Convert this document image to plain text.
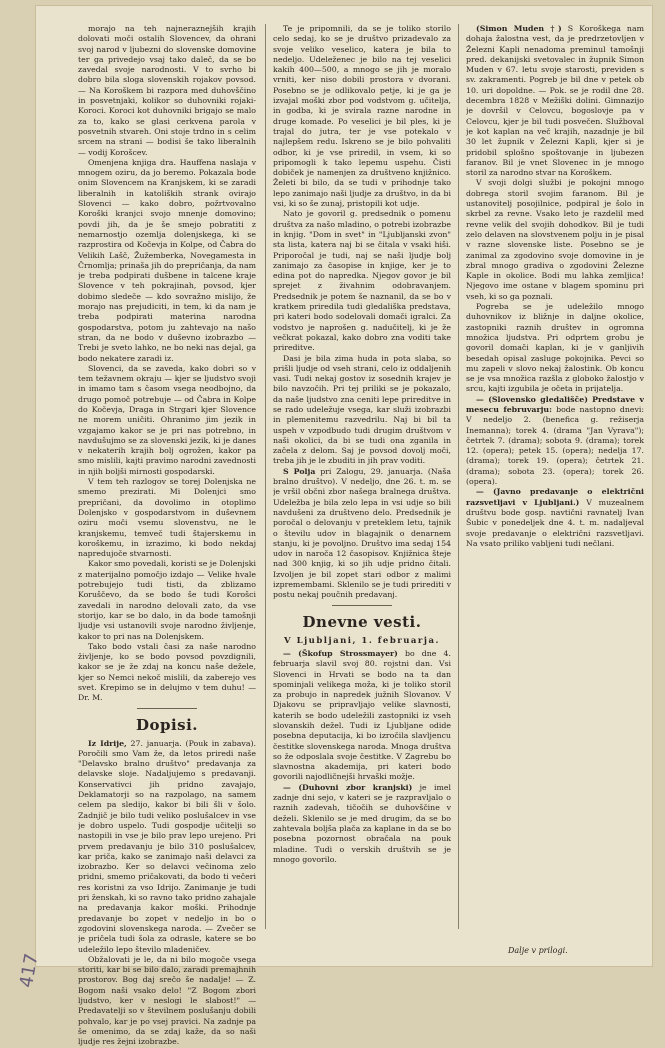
morajo na teh najneraznejših krajih dolovati moči ostalih Slovencev, da ohrani svoj narod v ljubezni do slovenske domovine ter ga privedejo vsaj tako daleč, da se bo zavedal svoje narodnosti. V to svrho bi dobro bila sloga slovenskih rojakov povsod. — Na Koroškem bi razpora med duhovščino in posvetnjaki, kolikor so duhovniki rojaki-Koroci. Koroci kot duhovniki brigajo se malo za to, kako se glasi cerkvena parola v posvetnih stvareh. Oni stoje trdno in s celim srcem na strani — bodisi še tako liberalnih — vodij Korošcev.

Omenjena knjiga dra. Hauffena naslaja v mnogem oziru, da jo beremo. Pokazala bode onim Slovencem na Kranjskem, ki se zaradi liberalnih in katoliških strank ovirajo Slovenci — kako dobro, požrtvovalno Koroški kranjci svojo mnenje domovino; povdi jih, da je še smejo pobratiti z nemarnostjo ozemlja dolenjskega, ki se razprostira od Kočevja in Kolpe, od Čabra do Velikih Lašč, Žužemberka, Novegamesta in Črnomlja; prinaša jih do prepričanja, da nam je treba podpirati dušbene in talcene kraje Slovence v teh pokrajinah, povsod, kjer dobimo sledeče — kdo sovražno mislijo, že morajo nas prejudiciti, in tem, ki da nam je treba podpirati materina narodna gospodarstva, potom ju zahtevajo na našo stran, da ne bodo v duševno izobrazbo — Trebi je sveto lahko, ne bo neki nas dejal, ga bodo nekatere zaradi iz.

Slovenci, da se zaveda, kako dobri so v tem težavnem okraju — kjer se ljudstvo svoji in imamo tam s časom vsega neodbojno, da drugo pomoč potrebuje — od Čabra in Kolpe do Kočevja, Draga in Strgari kjer Slovence ne morem uničiti. Ohranimo jim jezik in vzgajamo kakor se je pri nas potrebno, in navdušujmo se za slovenski jezik, ki je danes v nekaterih krajih bolj ogrožen, kakor pa smo mislili, kajti pravimo narodni zavednosti in njih boljši mirnosti gospodarski.

V tem teh razlogov se torej Dolenjska ne smemo prezirati. Mi Dolenjci smo prepričani, da dovolimo in otoplimo Dolenjsko v gospodarstvom in duševnem oziru moči vsemu slovenstvu, ne le kranjskemu, temveč tudi štajerskemu in koroškemu, in izrazimo, ki bodo nekdaj napredujoče stvarnosti.

Kakor smo povedali, koristi se je Dolenjski z materijalno pomočjo izdajo — Velike hvale potrebujejo tudi tisti, da zblizamo Koruščevo, da se bodo še tudi Korošci zavedali in narodno delovali zato, da vse storijo, kar se bo dalo, in da bode tamošnji ljudje vsi ustanovili svoje narodno življenje, kakor to pri nas na Dolenjskem.

Tako bodo vstali časi za naše narodno življenje, ko se bodo povsod povzdignili, kakor se je že zdaj na koncu naše dežele, kjer so Nemci nekoč mislili, da zaberejo ves svet. Krepimo se in delujmo v tem duhu! — Dr. M.

Dopisi.

Iz Idrije, 27. januarja. (Pouk in zabava). Poročili smo Vam že, da letos priredi naše "Delavsko bralno društvo" predavanja za delavske sloje. Nadaljujemo s predavanji. Konservativci jih pridno zavajajo, Deklamatorji so na razpolago, na samem celem pa sledijo, kakor bi bili šli v šolo. Zadnjič je bilo tudi veliko poslušalcev in vse je dobro uspelo. Tudi gospodje učitelji so nastopili in vse je bilo prav lepo urejeno. Pri prvem predavanju je bilo 310 poslušalcev, kar priča, kako se zanimajo naši delavci za izobrazbo. Ker so delavci večinoma zelo pridni, smemo pričakovati, da bodo ti večeri res koristni za vso Idrijo. Zanimanje je tudi pri ženskah, ki so ravno tako pridno zahajale na predavanja kakor moški. Prihodnje predavanje bo zopet v nedeljo in bo o zgodovini slovenskega naroda. — Zvečer se je pričela tudi šola za odrasle, katere se bo udeležilo lepo število mladeničev.

Obžalovati je le, da ni bilo mogoče vsega storiti, kar bi se bilo dalo, zaradi premajhnih prostorov. Bog daj srečo še nadalje! — Z. Bogom naši vsako delo! "Z Bogom zbori ljudstvo, ker v neslogi le slabost!" — Predavatelji so v številnem poslušanju dobili pohvalo, kar je po vsej pravici. Na zadnje pa še omenimo, da se zdaj kaže, da so naši ljudje res žejni izobrazbe.

Te je pripomnili, da se je toliko storilo celo sedaj, ko se je društvo prizadevalo za svoje veliko veselico, katera je bila to nedeljo. Udeleženec je bilo na tej veselici kakih 400—500, a mnogo se jih je moralo vrniti, ker niso dobili prostora v dvorani. Posebno se je odlikovalo petje, ki je ga je izvajal moški zbor pod vodstvom g. učitelja, in godba, ki je svirala razne narodne in druge komade. Po veselici je bil ples, ki je trajal do jutra, ter je vse potekalo v najlepšem redu. Iskreno se je bilo pohvaliti odbor, ki je vse priredil, in vsem, ki so pripomogli k tako lepemu uspehu. Čisti dobiček je namenjen za društveno knjižnico. Želeti bi bilo, da se tudi v prihodnje tako lepo zanimajo naši ljudje za društvo, in da bi vsi, ki so še zunaj, pristopili kot udje.

Nato je govoril g. predsednik o pomenu društva za našo mladino, o potrebi izobrazbe in knjig. "Dom in svet" in "Ljubljanski zvon" sta lista, katera naj bi se čitala v vsaki hiši. Priporočal je tudi, naj se naši ljudje bolj zanimajo za časopise in knjige, ker je to edina pot do napredka. Njegov govor je bil sprejet z živahnim odobravanjem. Predsednik je potem še naznanil, da se bo v kratkem priredila tudi gledališka predstava, pri kateri bodo sodelovali domači igralci. Za vodstvo je naprošen g. nadučitelj, ki je že večkrat pokazal, kako dobro zna voditi take prireditve.

Dasi je bila zima huda in pota slaba, so prišli ljudje od vseh strani, celo iz oddaljenih vasi. Tudi nekaj gostov iz sosednih krajev je bilo navzočih. Pri tej priliki se je pokazalo, da naše ljudstvo zna ceniti lepe prireditve in se rado udeležuje vsega, kar služi izobrazbi in plemenitemu razvedrilu. Naj bi bil ta uspeh v vzpodbudo tudi drugim društvom v naši okolici, da bi se tudi ona zganila in začela z delom. Saj je povsod dovolj moči, treba jih je le zbuditi in jih prav voditi.

S Polja pri Zalogu, 29. januarja. (Naša bralno društvo). V nedeljo, dne 26. t. m. se je vršil občni zbor našega bralnega društva. Udeležba je bila zelo lepa in vsi udje so bili navdušeni za društveno delo. Predsednik je poročal o delovanju v preteklem letu, tajnik o številu udov in blagajnik o denarnem stanju, ki je povoljno. Društvo ima sedaj 154 udov in naroča 12 časopisov. Knjižnica šteje nad 300 knjig, ki so jih udje pridno čitali. Izvoljen je bil zopet stari odbor z malimi izpremembami. Sklenilo se je tudi prirediti v postu nekaj poučnih predavanj.

Dnevne vesti.
V Ljubljani, 1. februarja.

— (Škofup Strossmayer) bo dne 4. februarja slavil svoj 80. rojstni dan. Vsi Slovenci in Hrvati se bodo na ta dan spominjali velikega moža, ki je toliko storil za probujo in napredek južnih Slovanov. V Djakovu se pripravljajo velike slavnosti, katerih se bodo udeležili zastopniki iz vseh slovanskih dežel. Tudi iz Ljubljane odide posebna deputacija, ki bo izročila slavljencu čestitke slovenskega naroda. Mnoga društva so že odposlala svoje čestitke. V Zagrebu bo slavnostna akademija, pri kateri bodo govorili najodličnejši hrvaški možje.

— (Duhovni zbor kranjski) je imel zadnje dni sejo, v kateri se je razpravljalo o raznih zadevah, tičočih se duhovščine v deželi. Sklenilo se je med drugim, da se bo zahtevala boljša plača za kaplane in da se bo posebna pozornost obračala na pouk mladine. Tudi o verskih društvih se je mnogo govorilo.

(Simon Muden †) S Koroškega nam dohaja žalostna vest, da je predrzetovljen v Železni Kapli nenadoma preminul tamošnji pred. dekanijski svetovalec in župnik Simon Muden v 67. letu svoje starosti, previden s sv. zakramenti. Pogreb je bil dne v petek ob 10. uri dopoldne. — Pok. se je rodil dne 28. decembra 1828 v Mežiški dolini. Gimnazijo je dovršil v Celovcu, bogoslovje pa v Celovcu, kjer je bil tudi posvečen. Služboval je kot kaplan na več krajih, nazadnje je bil 30 let župnik v Železni Kapli, kjer si je pridobil splošno spoštovanje in ljubezen faranov. Bil je vnet Slovenec in je mnogo storil za narodno stvar na Koroškem.

V svoji dolgi službi je pokojni mnogo dobrega storil svojim faranom. Bil je ustanovitelj posojilnice, podpiral je šolo in skrbel za revne. Vsako leto je razdelil med revne velik del svojih dohodkov. Bil je tudi zelo delaven na slovstvenem polju in je pisal v razne slovenske liste. Posebno se je zanimal za zgodovino svoje domovine in je zbral mnogo gradiva o zgodovini Železne Kaple in okolice. Bodi mu lahka zemljica! Njegovo ime ostane v blagem spominu pri vseh, ki so ga poznali.

Pogreba se je udeležilo mnogo duhovnikov iz bližnje in daljne okolice, zastopniki raznih društev in ogromna množica ljudstva. Pri odprtem grobu je govoril domači kaplan, ki je v ganljivih besedah opisal zasluge pokojnika. Pevci so mu zapeli v slovo nekaj žalostink. Ob koncu se je vsa množica razšla z globoko žalostjo v srcu, kajti izgubila je očeta in prijatelja.

— (Slovensko gledališče) Predstave v mesecu februvarju: bode nastopno dnevi: V nedeljo 2. (benefica g. režiserja Inemanna); torek 4. (drama "Jan Vyrava"); četrtek 7. (drama); sobota 9. (drama); torek 12. (opera); petek 15. (opera); nedelja 17. (drama); torek 19. (opera); četrtek 21. (drama); sobota 23. (opera); torek 26. (opera).

— (Javno predavanje o električni razsvetljavi v Ljubljani.) V muzealnem društvu bode gosp. navtični ravnatelj Ivan Šubic v ponedeljek dne 4. t. m. nadaljeval svoje predavanje o električni razsvetljavi. Na vsato priliko vabljeni tudi nečlani.

Dalje v prilogi.
417
